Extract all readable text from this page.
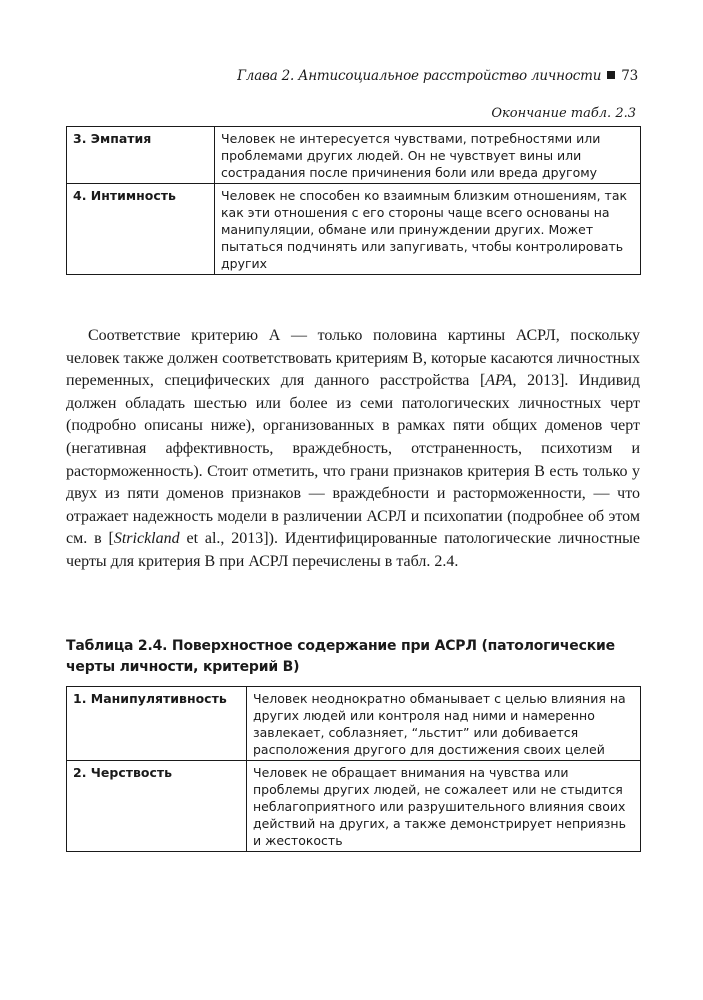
Глава 2. Антисоциальное расстройство личности 73
Окончание табл. 2.3
3. Эмпатия	Человек не интересуется чувствами, потребностями или проблемами других людей. Он не чувствует вины или сострадания после причинения боли или вреда другому
4. Интимность	Человек не способен ко взаимным близким отношениям, так как эти отношения с его стороны чаще всего основаны на манипуляции, обмане или принуждении других. Может пытаться подчинять или запугивать, чтобы контролировать других

Соответствие критерию А — только половина картины АСРЛ, поскольку человек также должен соответствовать критериям В, которые касаются личностных переменных, специфических для данного расстройства [APA, 2013]. Индивид должен обладать шестью или более из семи патологических личностных черт (подробно описаны ниже), организованных в рамках пяти общих доменов черт (негативная аффективность, враждебность, отстраненность, психотизм и расторможенность). Стоит отметить, что грани признаков критерия В есть только у двух из пяти доменов признаков — враждебности и расторможенности, — что отражает надежность модели в различении АСРЛ и психопатии (подробнее об этом см. в [Strickland et al., 2013]). Идентифицированные патологические личностные черты для критерия В при АСРЛ перечислены в табл. 2.4.

Таблица 2.4. Поверхностное содержание при АСРЛ (патологические черты личности, критерий В)
1. Манипулятивность	Человек неоднократно обманывает с целью влияния на других людей или контроля над ними и намеренно завлекает, соблазняет, “льстит” или добивается расположения другого для достижения своих целей
2. Черствость	Человек не обращает внимания на чувства или проблемы других людей, не сожалеет или не стыдится неблагоприятного или разрушительного влияния своих действий на других, а также демонстрирует неприязнь и жестокость
